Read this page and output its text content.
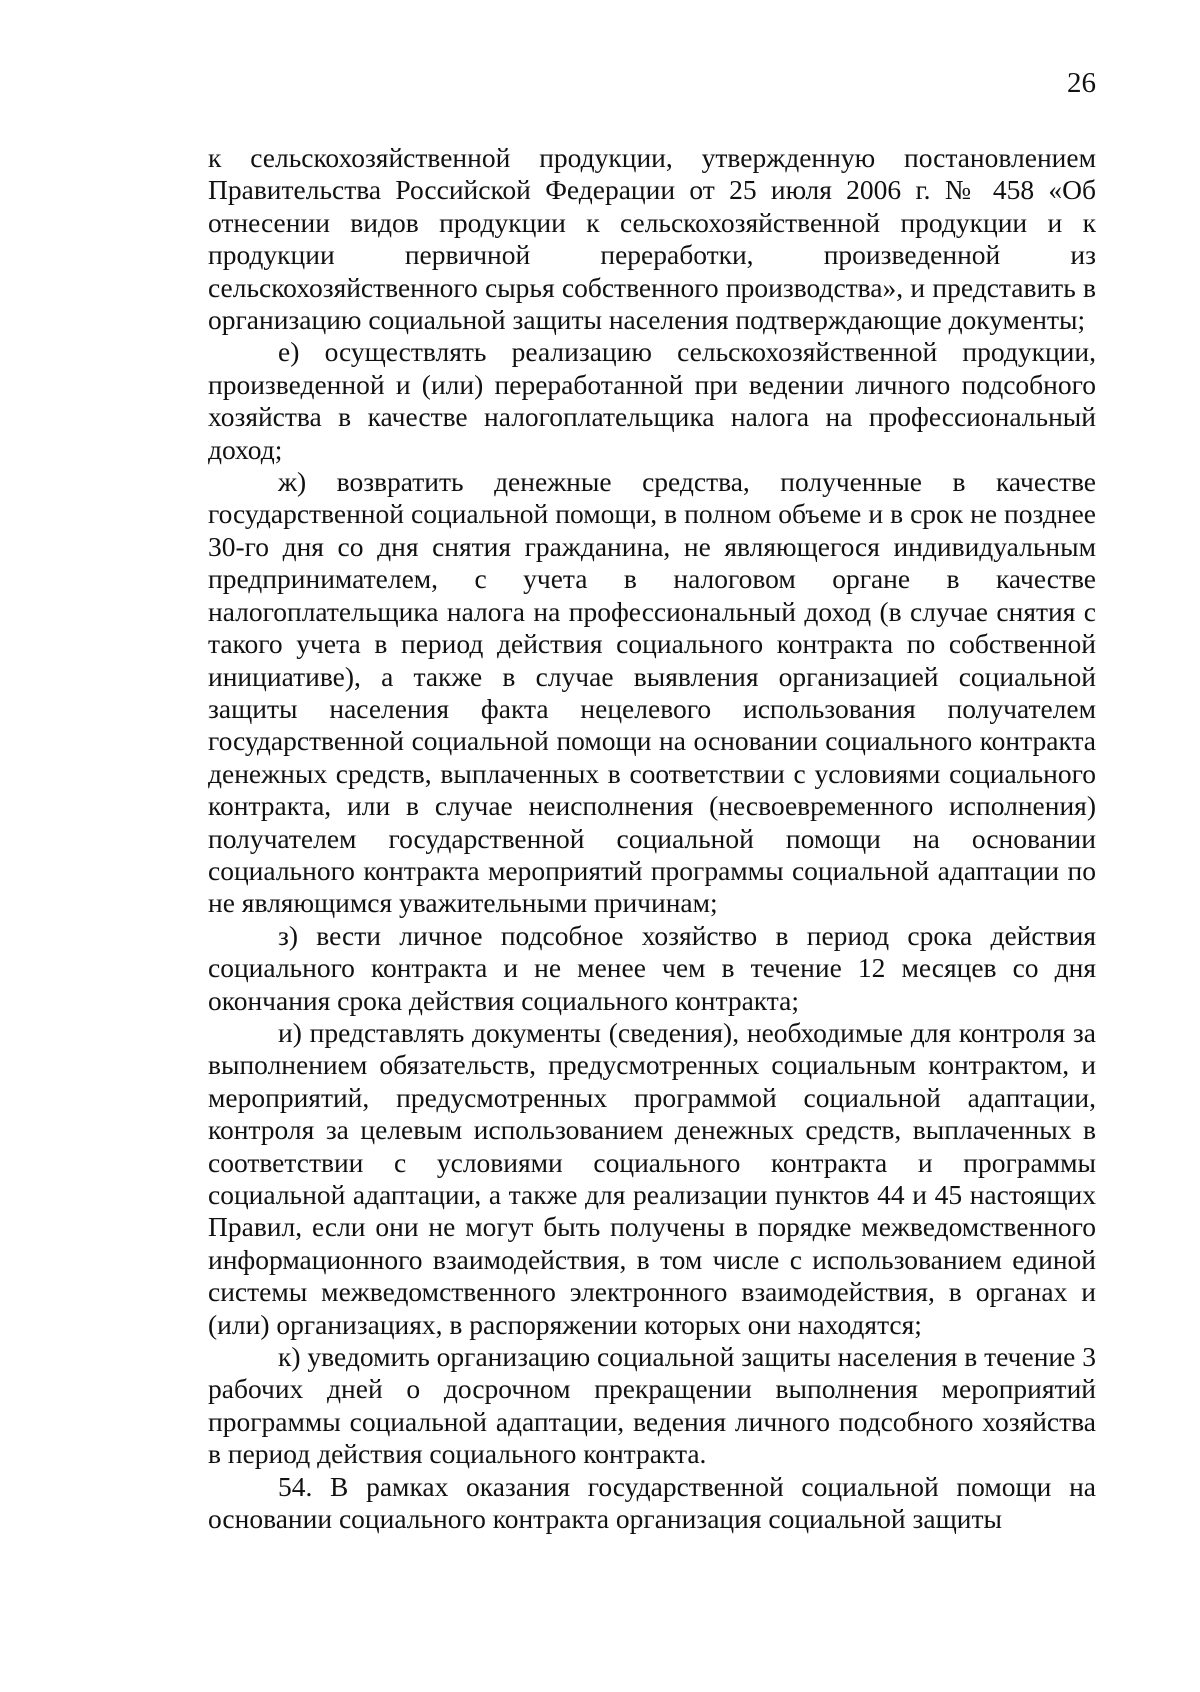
26

к сельскохозяйственной продукции, утвержденную постановлением Правительства Российской Федерации от 25 июля 2006 г. № 458 «Об отнесении видов продукции к сельскохозяйственной продукции и к продукции первичной переработки, произведенной из сельскохозяйственного сырья собственного производства», и представить в организацию социальной защиты населения подтверждающие документы;

е) осуществлять реализацию сельскохозяйственной продукции, произведенной и (или) переработанной при ведении личного подсобного хозяйства в качестве налогоплательщика налога на профессиональный доход;

ж) возвратить денежные средства, полученные в качестве государственной социальной помощи, в полном объеме и в срок не позднее 30-го дня со дня снятия гражданина, не являющегося индивидуальным предпринимателем, с учета в налоговом органе в качестве налогоплательщика налога на профессиональный доход (в случае снятия с такого учета в период действия социального контракта по собственной инициативе), а также в случае выявления организацией социальной защиты населения факта нецелевого использования получателем государственной социальной помощи на основании социального контракта денежных средств, выплаченных в соответствии с условиями социального контракта, или в случае неисполнения (несвоевременного исполнения) получателем государственной социальной помощи на основании социального контракта мероприятий программы социальной адаптации по не являющимся уважительными причинам;

з) вести личное подсобное хозяйство в период срока действия социального контракта и не менее чем в течение 12 месяцев со дня окончания срока действия социального контракта;

и) представлять документы (сведения), необходимые для контроля за выполнением обязательств, предусмотренных социальным контрактом, и мероприятий, предусмотренных программой социальной адаптации, контроля за целевым использованием денежных средств, выплаченных в соответствии с условиями социального контракта и программы социальной адаптации, а также для реализации пунктов 44 и 45 настоящих Правил, если они не могут быть получены в порядке межведомственного информационного взаимодействия, в том числе с использованием единой системы межведомственного электронного взаимодействия, в органах и (или) организациях, в распоряжении которых они находятся;

к) уведомить организацию социальной защиты населения в течение 3 рабочих дней о досрочном прекращении выполнения мероприятий программы социальной адаптации, ведения личного подсобного хозяйства в период действия социального контракта.

54. В рамках оказания государственной социальной помощи на основании социального контракта организация социальной защиты
